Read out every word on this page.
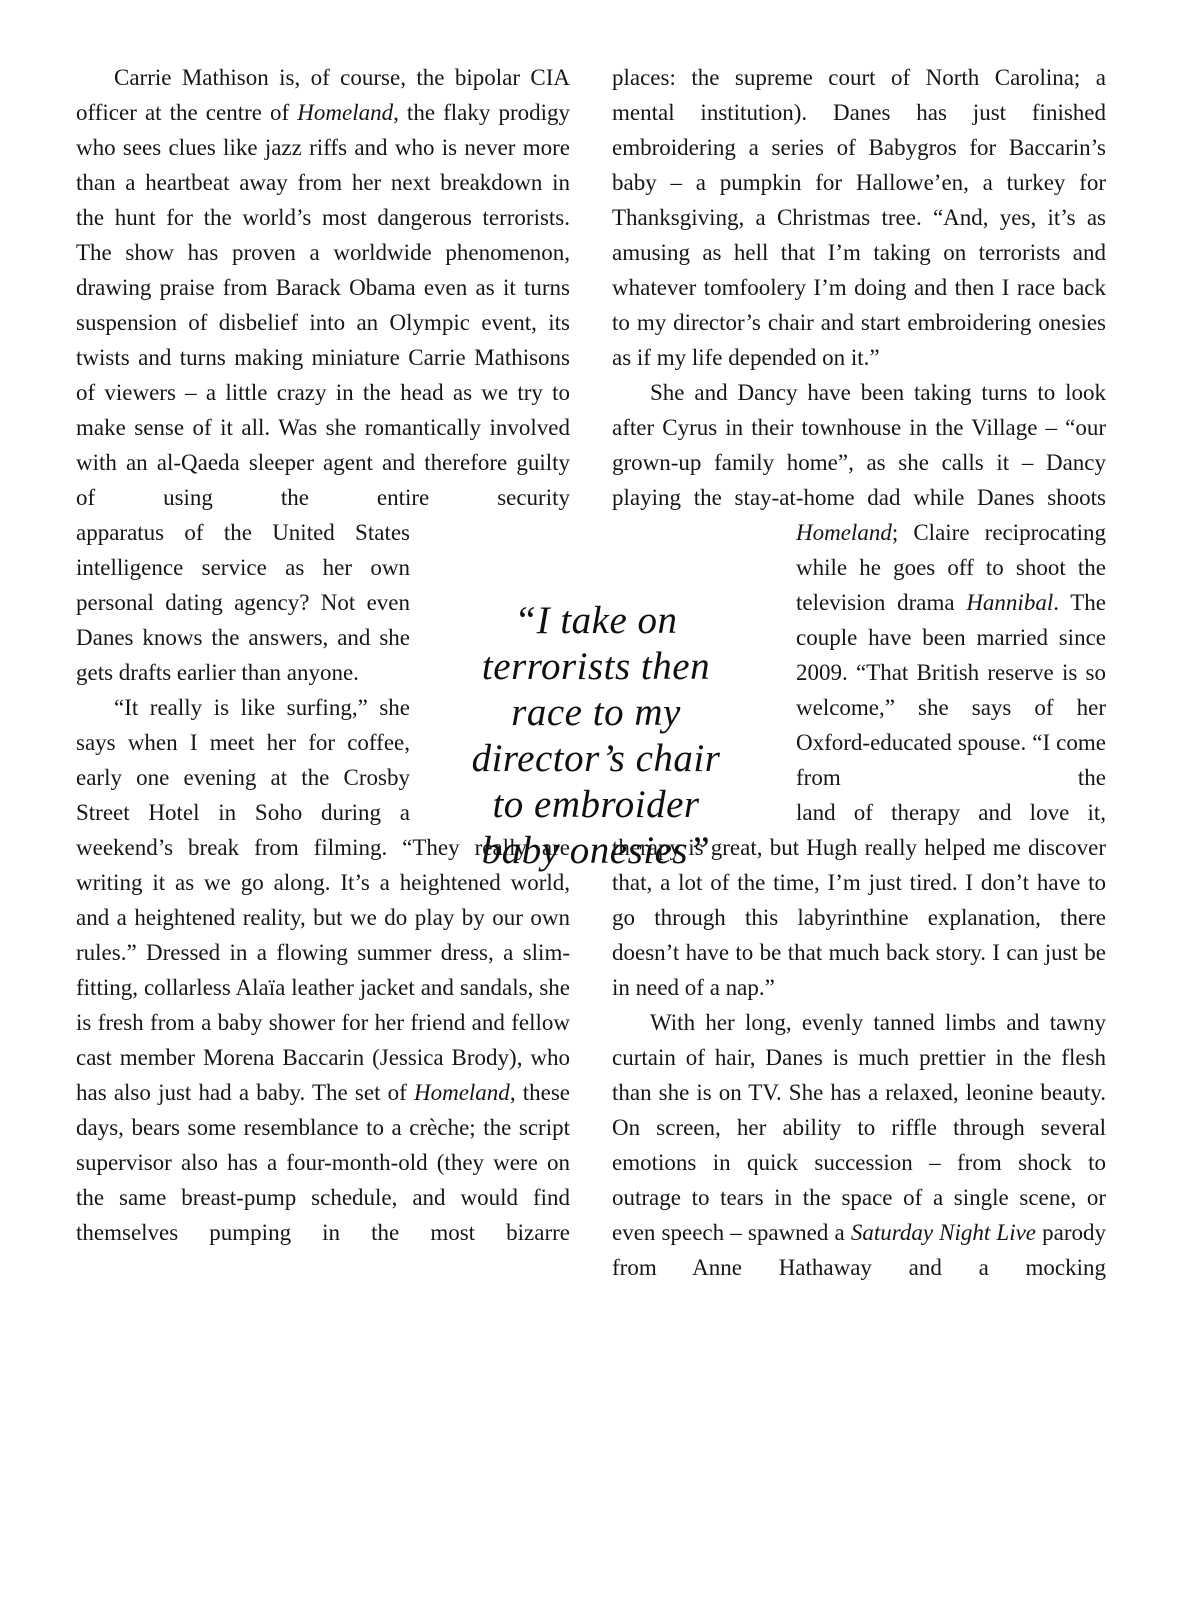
Carrie Mathison is, of course, the bipolar CIA officer at the centre of Homeland, the flaky prodigy who sees clues like jazz riffs and who is never more than a heartbeat away from her next breakdown in the hunt for the world’s most dangerous terrorists. The show has proven a worldwide phenomenon, drawing praise from Barack Obama even as it turns suspension of disbelief into an Olympic event, its twists and turns making miniature Carrie Mathisons of viewers – a little crazy in the head as we try to make sense of it all. Was she romantically involved with an al-Qaeda sleeper agent and therefore guilty of using the entire security

apparatus of the United States intelligence service as her own personal dating agency? Not even Danes knows the answers, and she gets drafts earlier than anyone.

“It really is like surfing,” she says when I meet her for coffee, early one evening at the Crosby Street Hotel in Soho during a weekend’s break from filming. “They really are writing it as we go along. It’s a heightened world, and a heightened reality, but we do play by our own rules.” Dressed in a flowing summer dress, a slim-fitting, collarless Alaïa leather jacket and sandals, she is fresh from a baby shower for her friend and fellow cast member Morena Baccarin (Jessica Brody), who has also just had a baby. The set of Homeland, these days, bears some resemblance to a crèche; the script supervisor also has a four-month-old (they were on the same breast-pump schedule, and would find themselves pumping in the most bizarre

places: the supreme court of North Carolina; a mental institution). Danes has just finished embroidering a series of Babygros for Baccarin’s baby – a pumpkin for Hallowe’en, a turkey for Thanksgiving, a Christmas tree. “And, yes, it’s as amusing as hell that I’m taking on terrorists and whatever tomfoolery I’m doing and then I race back to my director’s chair and start embroidering onesies as if my life depended on it.”

She and Dancy have been taking turns to look after Cyrus in their townhouse in the Village – “our grown-up family home”, as she calls it – Dancy playing the stay-at-home dad while Danes shoots

Homeland; Claire reciprocating while he goes off to shoot the television drama Hannibal. The couple have been married since 2009. “That British reserve is so welcome,” she says of her Oxford-educated spouse. “I come from the

land of therapy and love it, therapy is great, but Hugh really helped me discover that, a lot of the time, I’m just tired. I don’t have to go through this labyrinthine explanation, there doesn’t have to be that much back story. I can just be in need of a nap.”

With her long, evenly tanned limbs and tawny curtain of hair, Danes is much prettier in the flesh than she is on TV. She has a relaxed, leonine beauty. On screen, her ability to riffle through several emotions in quick succession – from shock to outrage to tears in the space of a single scene, or even speech – spawned a Saturday Night Live parody from Anne Hathaway and a mocking

“I take on
terrorists then
race to my
director’s chair
to embroider
baby onesies”
